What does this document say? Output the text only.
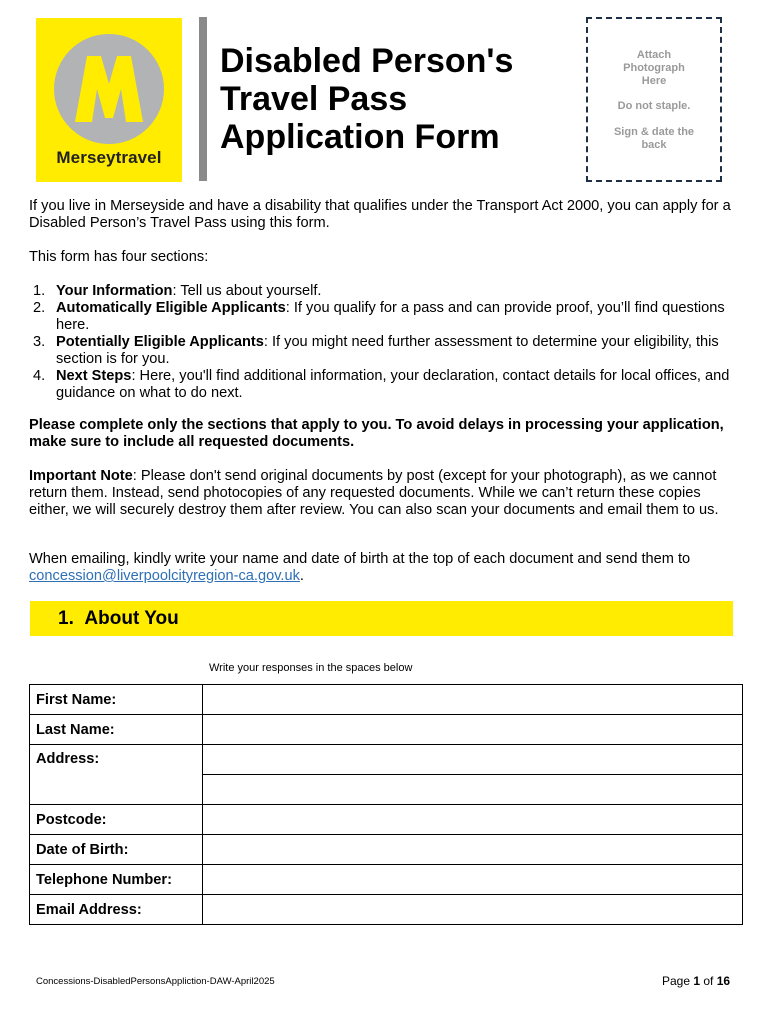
Merseytravel
Disabled Person's
Travel Pass
Application Form

Attach Photograph Here

Do not staple.

Sign & date the back

If you live in Merseyside and have a disability that qualifies under the Transport Act 2000, you can apply for a Disabled Person’s Travel Pass using this form.

This form has four sections:

1. Your Information: Tell us about yourself.
2. Automatically Eligible Applicants: If you qualify for a pass and can provide proof, you’ll find questions here.
3. Potentially Eligible Applicants: If you might need further assessment to determine your eligibility, this section is for you.
4. Next Steps: Here, you'll find additional information, your declaration, contact details for local offices, and guidance on what to do next.

Please complete only the sections that apply to you. To avoid delays in processing your application, make sure to include all requested documents.

Important Note: Please don't send original documents by post (except for your photograph), as we cannot return them. Instead, send photocopies of any requested documents. While we can’t return these copies either, we will securely destroy them after review. You can also scan your documents and email them to us.

When emailing, kindly write your name and date of birth at the top of each document and send them to concession@liverpoolcityregion-ca.gov.uk.

1.  About You
Write your responses in the spaces below
First Name:	
Last Name:	
Address:	

Postcode:	
Date of Birth:	
Telephone Number:	
Email Address:	
Concessions-DisabledPersonsAppliction-DAW-April2025	Page 1 of 16
